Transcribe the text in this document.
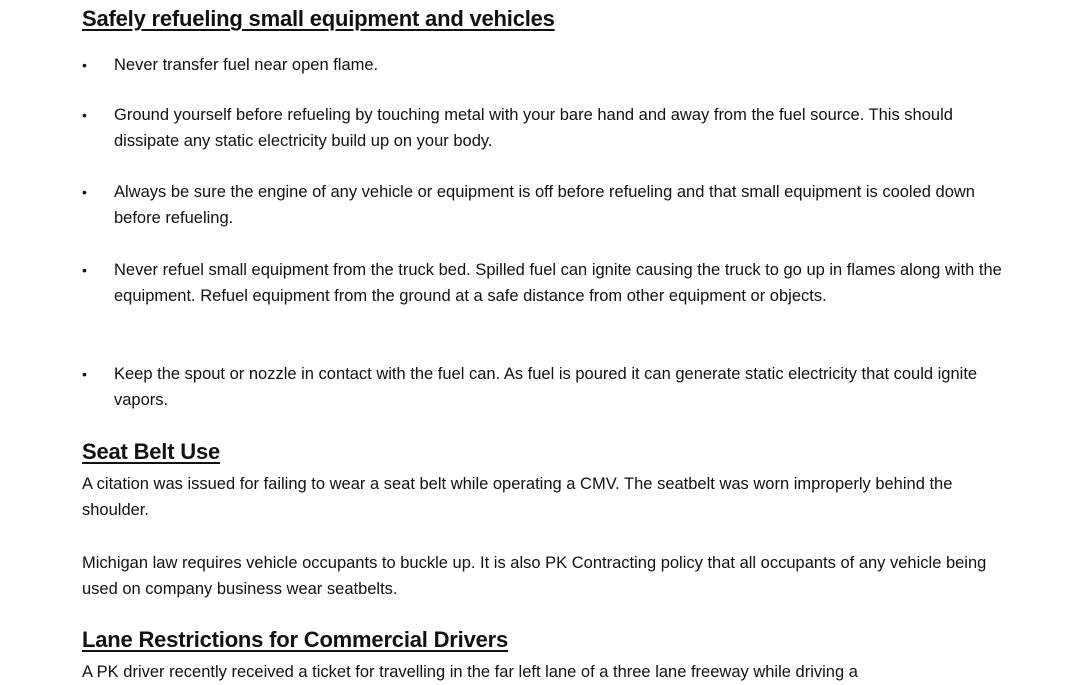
Safely refueling small equipment and vehicles
•	Never transfer fuel near open flame.
•	Ground yourself before refueling by touching metal with your bare hand and away from the fuel source. This should dissipate any static electricity build up on your body.
•	Always be sure the engine of any vehicle or equipment is off before refueling and that small equipment is cooled down before refueling.
•	Never refuel small equipment from the truck bed. Spilled fuel can ignite causing the truck to go up in flames along with the equipment. Refuel equipment from the ground at a safe distance from other equipment or objects.
•	Keep the spout or nozzle in contact with the fuel can. As fuel is poured it can generate static electricity that could ignite vapors.
Seat Belt Use

A citation was issued for failing to wear a seat belt while operating a CMV. The seatbelt was worn improperly behind the shoulder.

Michigan law requires vehicle occupants to buckle up. It is also PK Contracting policy that all occupants of any vehicle being used on company business wear seatbelts.

Lane Restrictions for Commercial Drivers

A PK driver recently received a ticket for travelling in the far left lane of a three lane freeway while driving a
